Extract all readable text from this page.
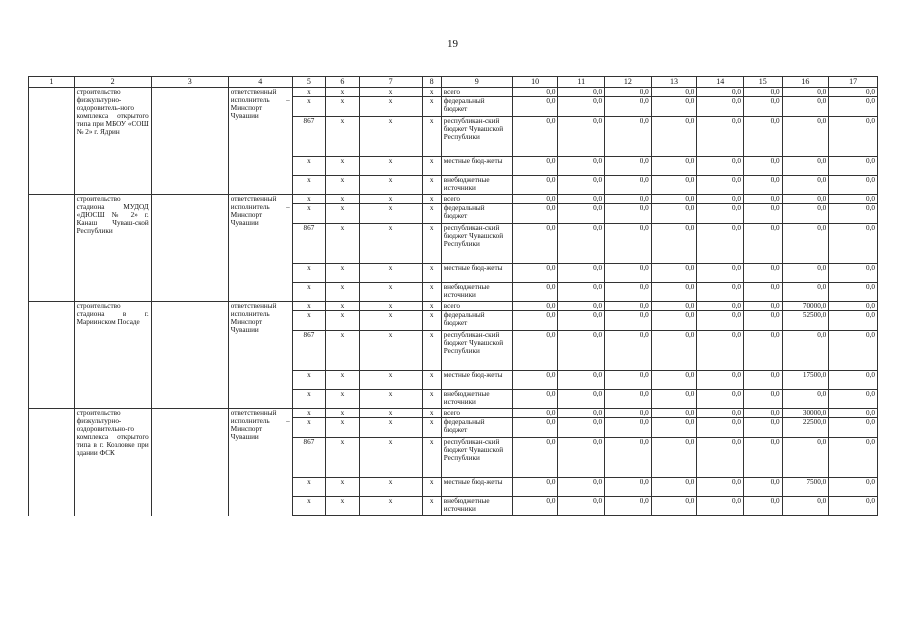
19
1	2	3	4	5	6	7	8	9	10	11	12	13	14	15	16	17
	строительство физкультурно-оздоровитель-ного комплекса открытого типа при МБОУ «СОШ № 2» г. Ядрин		ответственный исполнитель – Минспорт Чувашии	х	х	х	х	всего	0,0	0,0	0,0	0,0	0,0	0,0	0,0	0,0
				х	х	х	х	федеральный бюджет	0,0	0,0	0,0	0,0	0,0	0,0	0,0	0,0
				867	х	х	х	республикан-ский бюджет Чувашской Республики	0,0	0,0	0,0	0,0	0,0	0,0	0,0	0,0
				х	х	х	х	местные бюд-жеты	0,0	0,0	0,0	0,0	0,0	0,0	0,0	0,0
				х	х	х	х	внебюджетные источники	0,0	0,0	0,0	0,0	0,0	0,0	0,0	0,0
	строительство стадиона МУДОД «ДЮСШ № 2» г. Канаш Чуваш-ской Республики		ответственный исполнитель – Минспорт Чувашии	х	х	х	х	всего	0,0	0,0	0,0	0,0	0,0	0,0	0,0	0,0
				х	х	х	х	федеральный бюджет	0,0	0,0	0,0	0,0	0,0	0,0	0,0	0,0
				867	х	х	х	республикан-ский бюджет Чувашской Республики	0,0	0,0	0,0	0,0	0,0	0,0	0,0	0,0
				х	х	х	х	местные бюд-жеты	0,0	0,0	0,0	0,0	0,0	0,0	0,0	0,0
				х	х	х	х	внебюджетные источники	0,0	0,0	0,0	0,0	0,0	0,0	0,0	0,0
	строительство стадиона в г. Мариинском Посаде		ответственный исполнитель Минспорт Чувашии	х	х	х	х	всего	0,0	0,0	0,0	0,0	0,0	0,0	70000,0	0,0
				х	х	х	х	федеральный бюджет	0,0	0,0	0,0	0,0	0,0	0,0	52500,0	0,0
				867	х	х	х	республикан-ский бюджет Чувашской Республики	0,0	0,0	0,0	0,0	0,0	0,0	0,0	0,0
				х	х	х	х	местные бюд-жеты	0,0	0,0	0,0	0,0	0,0	0,0	17500,0	0,0
				х	х	х	х	внебюджетные источники	0,0	0,0	0,0	0,0	0,0	0,0	0,0	0,0
	строительство физкультурно-оздоровительно-го комплекса открытого типа в г. Козловке при здании ФСК		ответственный исполнитель – Минспорт Чувашии	х	х	х	х	всего	0,0	0,0	0,0	0,0	0,0	0,0	30000,0	0,0
				х	х	х	х	федеральный бюджет	0,0	0,0	0,0	0,0	0,0	0,0	22500,0	0,0
				867	х	х	х	республикан-ский бюджет Чувашской Республики	0,0	0,0	0,0	0,0	0,0	0,0	0,0	0,0
				х	х	х	х	местные бюд-жеты	0,0	0,0	0,0	0,0	0,0	0,0	7500,0	0,0
				х	х	х	х	внебюджетные источники	0,0	0,0	0,0	0,0	0,0	0,0	0,0	0,0
